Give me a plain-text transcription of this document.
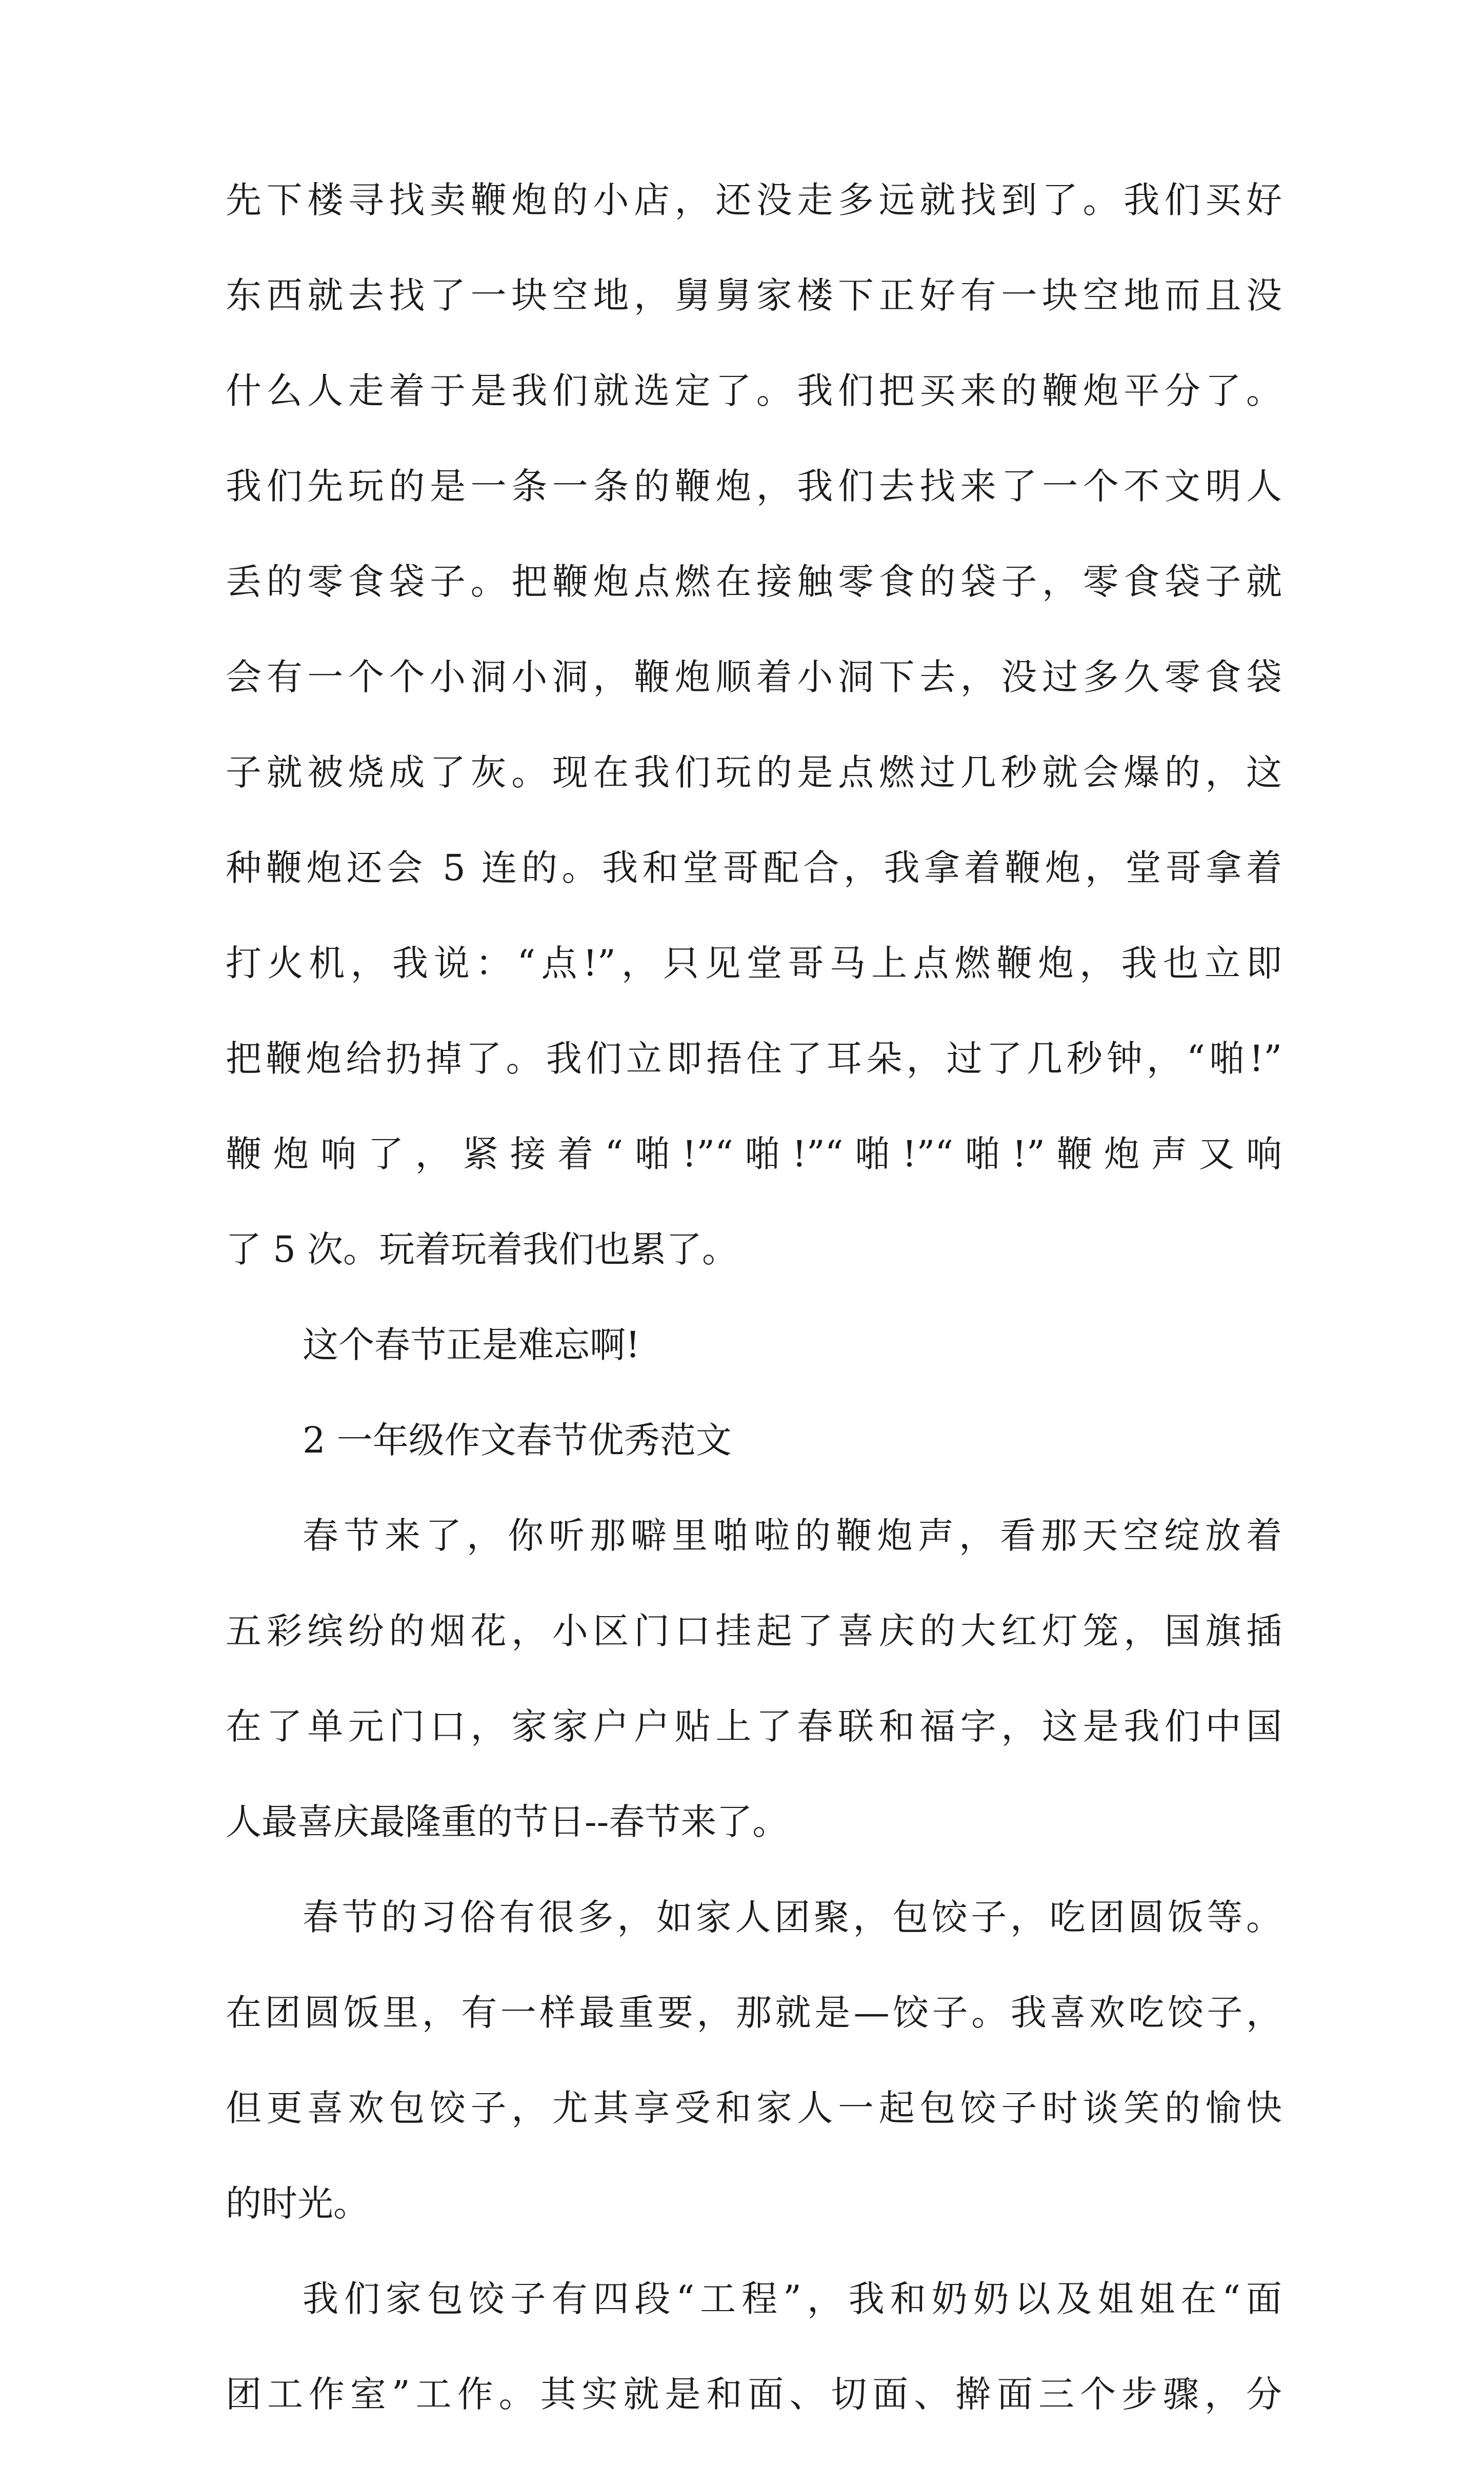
先下楼寻找卖鞭炮的小店，还没走多远就找到了。我们买好
东西就去找了一块空地，舅舅家楼下正好有一块空地而且没
什么人走着于是我们就选定了。我们把买来的鞭炮平分了。
我们先玩的是一条一条的鞭炮，我们去找来了一个不文明人
丢的零食袋子。把鞭炮点燃在接触零食的袋子，零食袋子就
会有一个个小洞小洞，鞭炮顺着小洞下去，没过多久零食袋
子就被烧成了灰。现在我们玩的是点燃过几秒就会爆的，这
种鞭炮还会 5 连的。我和堂哥配合，我拿着鞭炮，堂哥拿着
打火机，我说：“点!”，只见堂哥马上点燃鞭炮，我也立即
把鞭炮给扔掉了。我们立即捂住了耳朵，过了几秒钟，“啪!”
鞭炮响了，紧接着“啪!”“啪!”“啪!”“啪!”鞭炮声又响
了 5 次。玩着玩着我们也累了。
这个春节正是难忘啊!
2 一年级作文春节优秀范文
春节来了，你听那噼里啪啦的鞭炮声，看那天空绽放着
五彩缤纷的烟花，小区门口挂起了喜庆的大红灯笼，国旗插
在了单元门口，家家户户贴上了春联和福字，这是我们中国
人最喜庆最隆重的节日--春节来了。
春节的习俗有很多，如家人团聚，包饺子，吃团圆饭等。
在团圆饭里，有一样最重要，那就是—饺子。我喜欢吃饺子，
但更喜欢包饺子，尤其享受和家人一起包饺子时谈笑的愉快
的时光。
我们家包饺子有四段“工程”，我和奶奶以及姐姐在“面
团工作室”工作。其实就是和面、切面、擀面三个步骤，分
